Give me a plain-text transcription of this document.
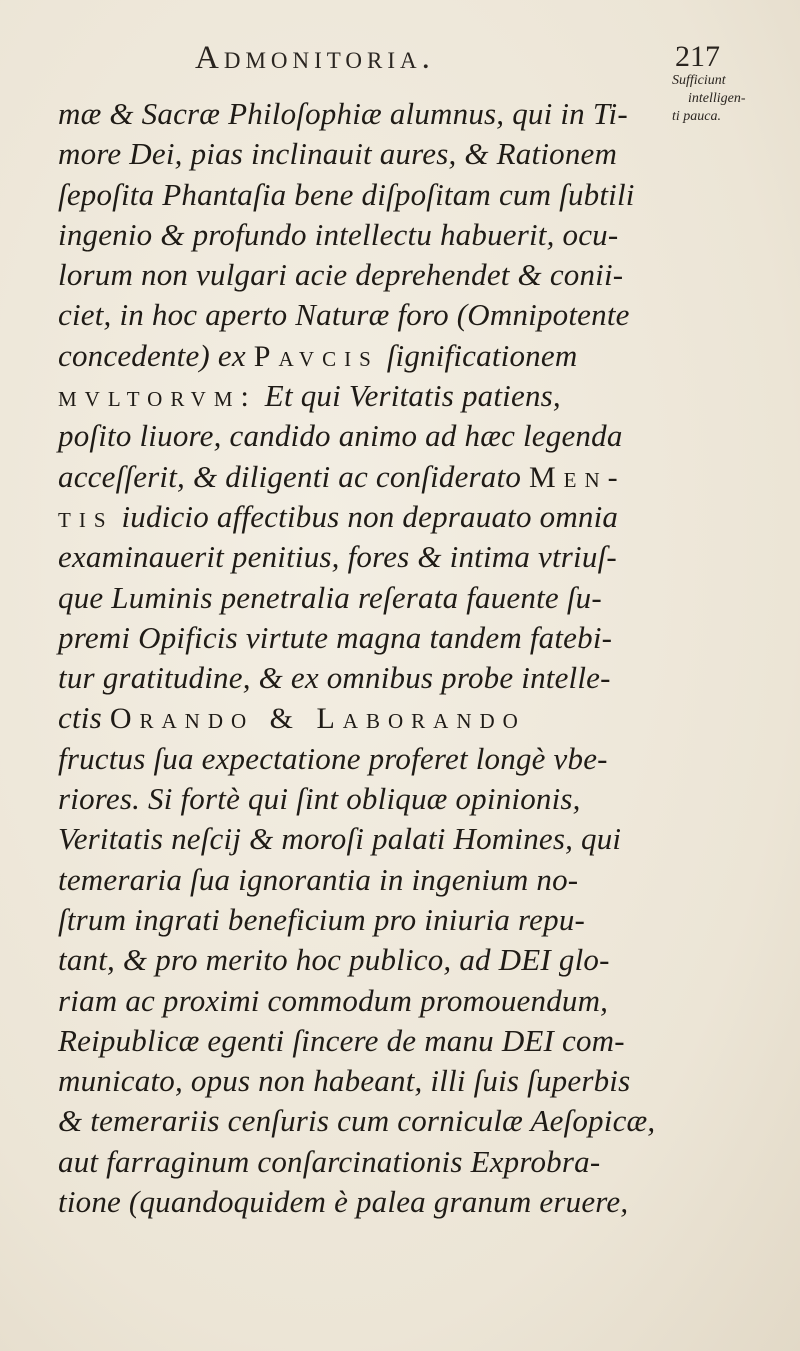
Admonitoria.	217
Sufficiunt
intelligen-
ti pauca.
mæ & Sacræ Philoſophiæ alumnus, qui in Ti-
more Dei, pias inclinauit aures, & Rationem
ſepoſita Phantaſia bene diſpoſitam cum ſubtili
ingenio & profundo intellectu habuerit, ocu-
lorum non vulgari acie deprehendet & conii-
ciet, in hoc aperto Naturæ foro (Omnipotente
concedente) ex Pavcis ſignificationem
mvltorvm: Et qui Veritatis patiens,
poſito liuore, candido animo ad hæc legenda
acceſſerit, & diligenti ac conſiderato Men-
tis iudicio affectibus non deprauato omnia
examinauerit penitius, fores & intima vtriuſ-
que Luminis penetralia reſerata fauente ſu-
premi Opificis virtute magna tandem fatebi-
tur gratitudine, & ex omnibus probe intelle-
ctis Orando & Laborando
fructus ſua expectatione proferet longè vbe-
riores. Si fortè qui ſint obliquæ opinionis,
Veritatis neſcij & moroſi palati Homines, qui
temeraria ſua ignorantia in ingenium no-
ſtrum ingrati beneficium pro iniuria repu-
tant, & pro merito hoc publico, ad DEI glo-
riam ac proximi commodum promouendum,
Reipublicæ egenti ſincere de manu DEI com-
municato, opus non habeant, illi ſuis ſuperbis
& temerariis cenſuris cum corniculæ Aeſopicæ,
aut farraginum conſarcinationis Exprobra-
tione (quandoquidem è palea granum eruere,
